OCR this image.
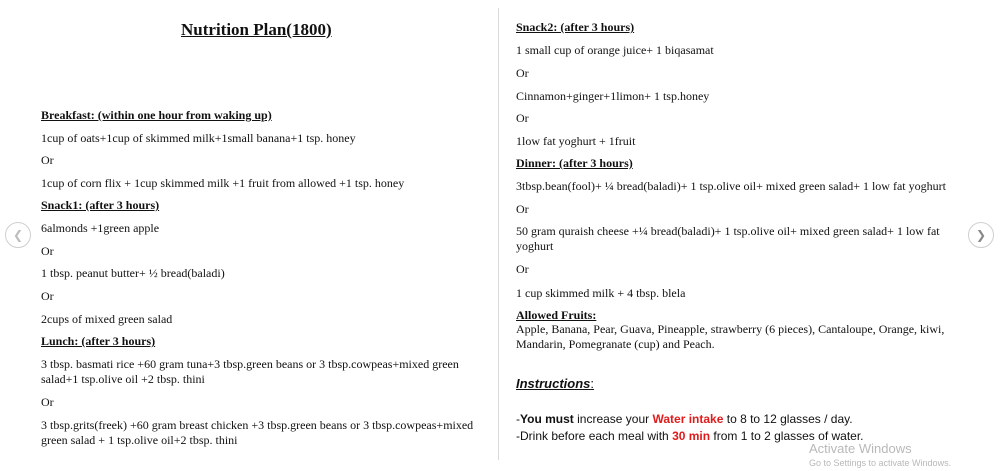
Nutrition Plan(1800)
Breakfast: (within one hour from waking up)
1cup of oats+1cup of skimmed milk+1small banana+1 tsp. honey
Or
1cup of corn flix + 1cup skimmed milk +1 fruit from allowed +1 tsp. honey
Snack1: (after 3 hours)
6almonds +1green apple
Or
1 tbsp. peanut butter+ ½ bread(baladi)
Or
2cups of mixed green salad
Lunch: (after 3 hours)
3 tbsp. basmati rice +60 gram tuna+3 tbsp.green beans or 3 tbsp.cowpeas+mixed green salad+1 tsp.olive oil +2 tbsp. thini
Or
3 tbsp.grits(freek) +60 gram breast chicken +3 tbsp.green beans or 3 tbsp.cowpeas+mixed green salad + 1 tsp.olive oil+2 tbsp. thini
Snack2: (after 3 hours)
1 small cup of orange juice+ 1 biqasamat
Or
Cinnamon+ginger+1limon+ 1 tsp.honey
Or
1low fat yoghurt + 1fruit
Dinner: (after 3 hours)
3tbsp.bean(fool)+ ¼ bread(baladi)+ 1 tsp.olive oil+ mixed green salad+ 1 low fat yoghurt
Or
50 gram quraish cheese +¼ bread(baladi)+ 1 tsp.olive oil+ mixed green salad+ 1 low fat yoghurt
Or
1 cup skimmed milk + 4 tbsp. blela
Allowed Fruits:
Apple, Banana, Pear, Guava, Pineapple, strawberry (6 pieces), Cantaloupe, Orange, kiwi, Mandarin, Pomegranate (cup) and Peach.
Instructions:
-You must increase your Water intake to 8 to 12 glasses / day.
-Drink before each meal with 30 min from 1 to 2 glasses of water.
❮	❯
Activate Windows
Go to Settings to activate Windows.
